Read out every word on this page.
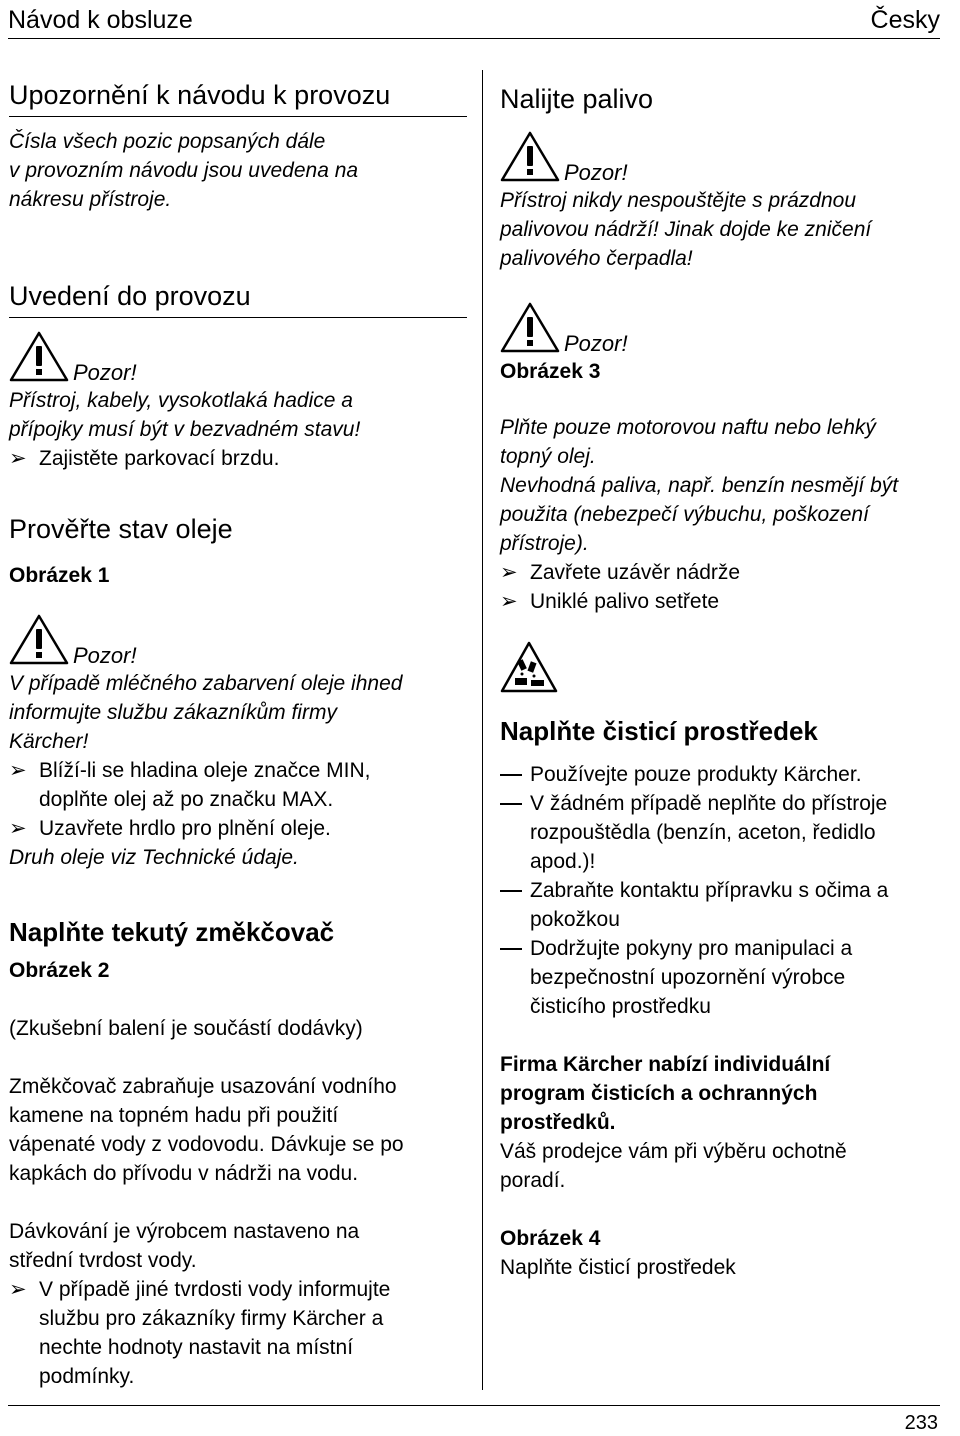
Návod k obsluze	Česky
Upozornění k návodu k provozu

Čísla všech pozic popsaných dále

v provozním návodu jsou uvedena na

nákresu přístroje.

Uvedení do provozu
Pozor!

Přístroj, kabely, vysokotlaká hadice a

přípojky musí být v bezvadném stavu!

➢ Zajistěte parkovací brzdu.
Prověřte stav oleje
Obrázek 1
Pozor!

V případě mléčného zabarvení oleje ihned

informujte službu zákazníkům firmy

Kärcher!

➢ Blíží-li se hladina oleje značce MIN,

doplňte olej až po značku MAX.

➢ Uzavřete hrdlo pro plnění oleje.
Druh oleje viz Technické údaje.
Naplňte tekutý změkčovač
Obrázek 2
(Zkušební balení je součástí dodávky)

Změkčovač zabraňuje usazování vodního

kamene na topném hadu při použití

vápenaté vody z vodovodu. Dávkuje se po

kapkách do přívodu v nádrži na vodu.

Dávkování je výrobcem nastaveno na

střední tvrdost vody.

➢ V případě jiné tvrdosti vody informujte

službu pro zákazníky firmy Kärcher a

nechte hodnoty nastavit na místní

podmínky.

Nalijte palivo
Pozor!

Přístroj nikdy nespouštějte s prázdnou

palivovou nádrží! Jinak dojde ke zničení

palivového čerpadla!

Pozor!
Obrázek 3

Plňte pouze motorovou naftu nebo lehký

topný olej.

Nevhodná paliva, např. benzín nesmějí být

použita (nebezpečí výbuchu, poškození

přístroje).

➢ Zavřete uzávěr nádrže
➢ Uniklé palivo setřete
Naplňte čisticí prostředek

Používejte pouze produkty Kärcher.

V žádném případě neplňte do přístroje

rozpouštědla (benzín, aceton, ředidlo

apod.)!

Zabraňte kontaktu přípravku s očima a

pokožkou

Dodržujte pokyny pro manipulaci a

bezpečnostní upozornění výrobce

čisticího prostředku

Firma Kärcher nabízí individuální

program čisticích a ochranných

prostředků.

Váš prodejce vám při výběru ochotně

poradí.

Obrázek 4
Naplňte čisticí prostředek
233
